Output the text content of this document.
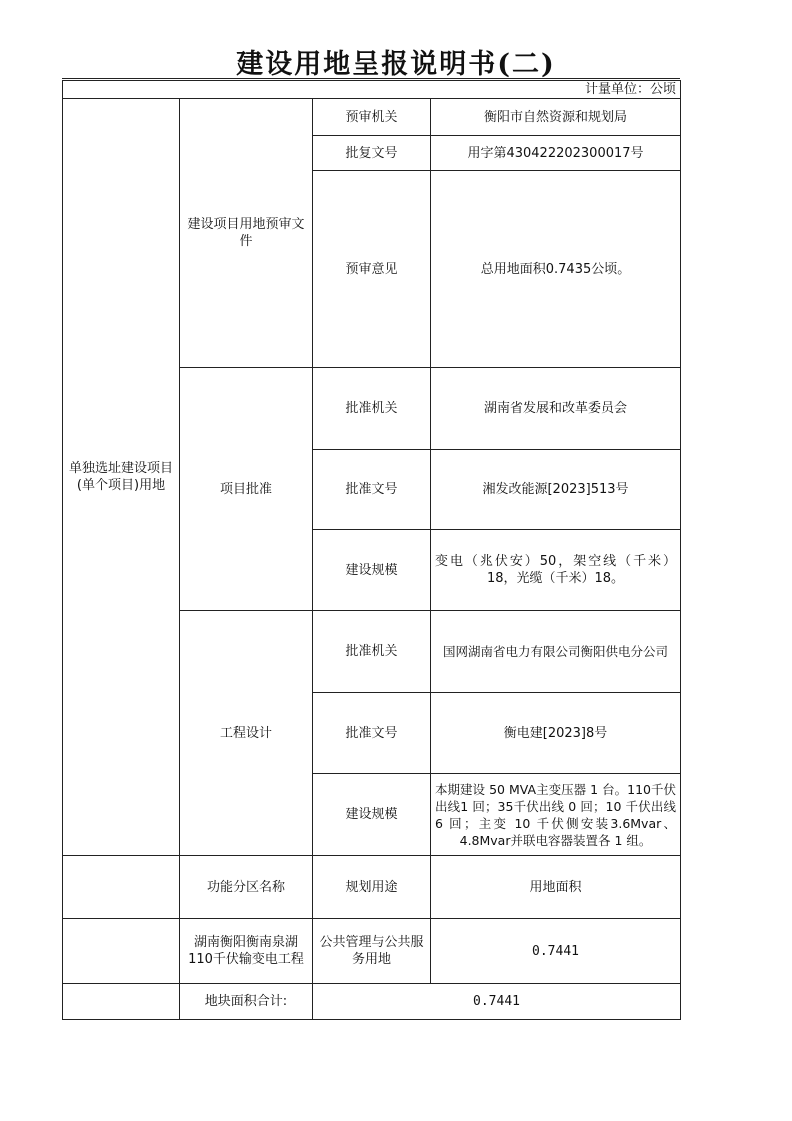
建设用地呈报说明书(二)
计量单位：公顷			
单独选址建设项目(单个项目)用地	建设项目用地预审文件	预审机关	衡阳市自然资源和规划局
		批复文号	用字第430422202300017号
		预审意见	总用地面积0.7435公顷。
	项目批准	批准机关	湖南省发展和改革委员会
		批准文号	湘发改能源[2023]513号
		建设规模	变电（兆伏安）50，架空线（千米）18，光缆（千米）18。
	工程设计	批准机关	国网湖南省电力有限公司衡阳供电分公司
		批准文号	衡电建[2023]8号
		建设规模	本期建设 50 MVA主变压器 1 台。110千伏出线1 回；35千伏出线 0 回；10 千伏出线 6 回；主变 10 千伏侧安装3.6Mvar、4.8Mvar并联电容器装置各 1 组。
	功能分区名称	规划用途	用地面积
	湖南衡阳衡南泉湖110千伏输变电工程	公共管理与公共服务用地	0.7441
	地块面积合计:	0.7441	
